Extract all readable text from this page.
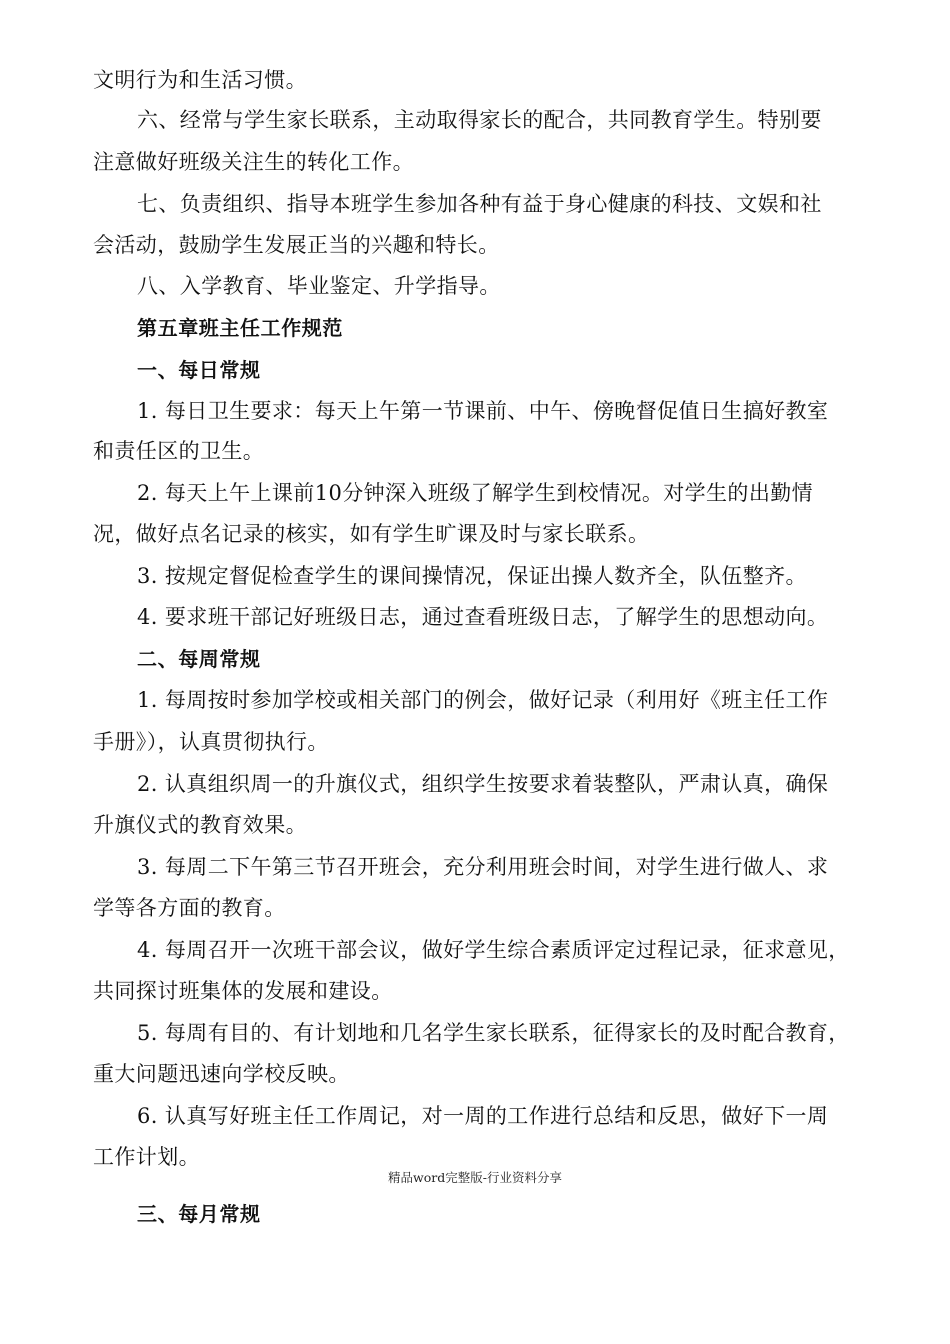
文明行为和生活习惯。
六、经常与学生家长联系，主动取得家长的配合，共同教育学生。特别要
注意做好班级关注生的转化工作。
七、负责组织、指导本班学生参加各种有益于身心健康的科技、文娱和社
会活动，鼓励学生发展正当的兴趣和特长。
八、入学教育、毕业鉴定、升学指导。
第五章班主任工作规范
一、每日常规
1. 每日卫生要求：每天上午第一节课前、中午、傍晚督促值日生搞好教室
和责任区的卫生。
2. 每天上午上课前10分钟深入班级了解学生到校情况。对学生的出勤情
况，做好点名记录的核实，如有学生旷课及时与家长联系。
3. 按规定督促检查学生的课间操情况，保证出操人数齐全，队伍整齐。
4. 要求班干部记好班级日志，通过查看班级日志，了解学生的思想动向。
二、每周常规
1. 每周按时参加学校或相关部门的例会，做好记录（利用好《班主任工作
手册》），认真贯彻执行。
2. 认真组织周一的升旗仪式，组织学生按要求着装整队，严肃认真，确保
升旗仪式的教育效果。
3. 每周二下午第三节召开班会，充分利用班会时间，对学生进行做人、求
学等各方面的教育。
4. 每周召开一次班干部会议，做好学生综合素质评定过程记录，征求意见，
共同探讨班集体的发展和建设。
5. 每周有目的、有计划地和几名学生家长联系，征得家长的及时配合教育，
重大问题迅速向学校反映。
6. 认真写好班主任工作周记，对一周的工作进行总结和反思，做好下一周
工作计划。
精品word完整版-行业资料分享
三、每月常规
